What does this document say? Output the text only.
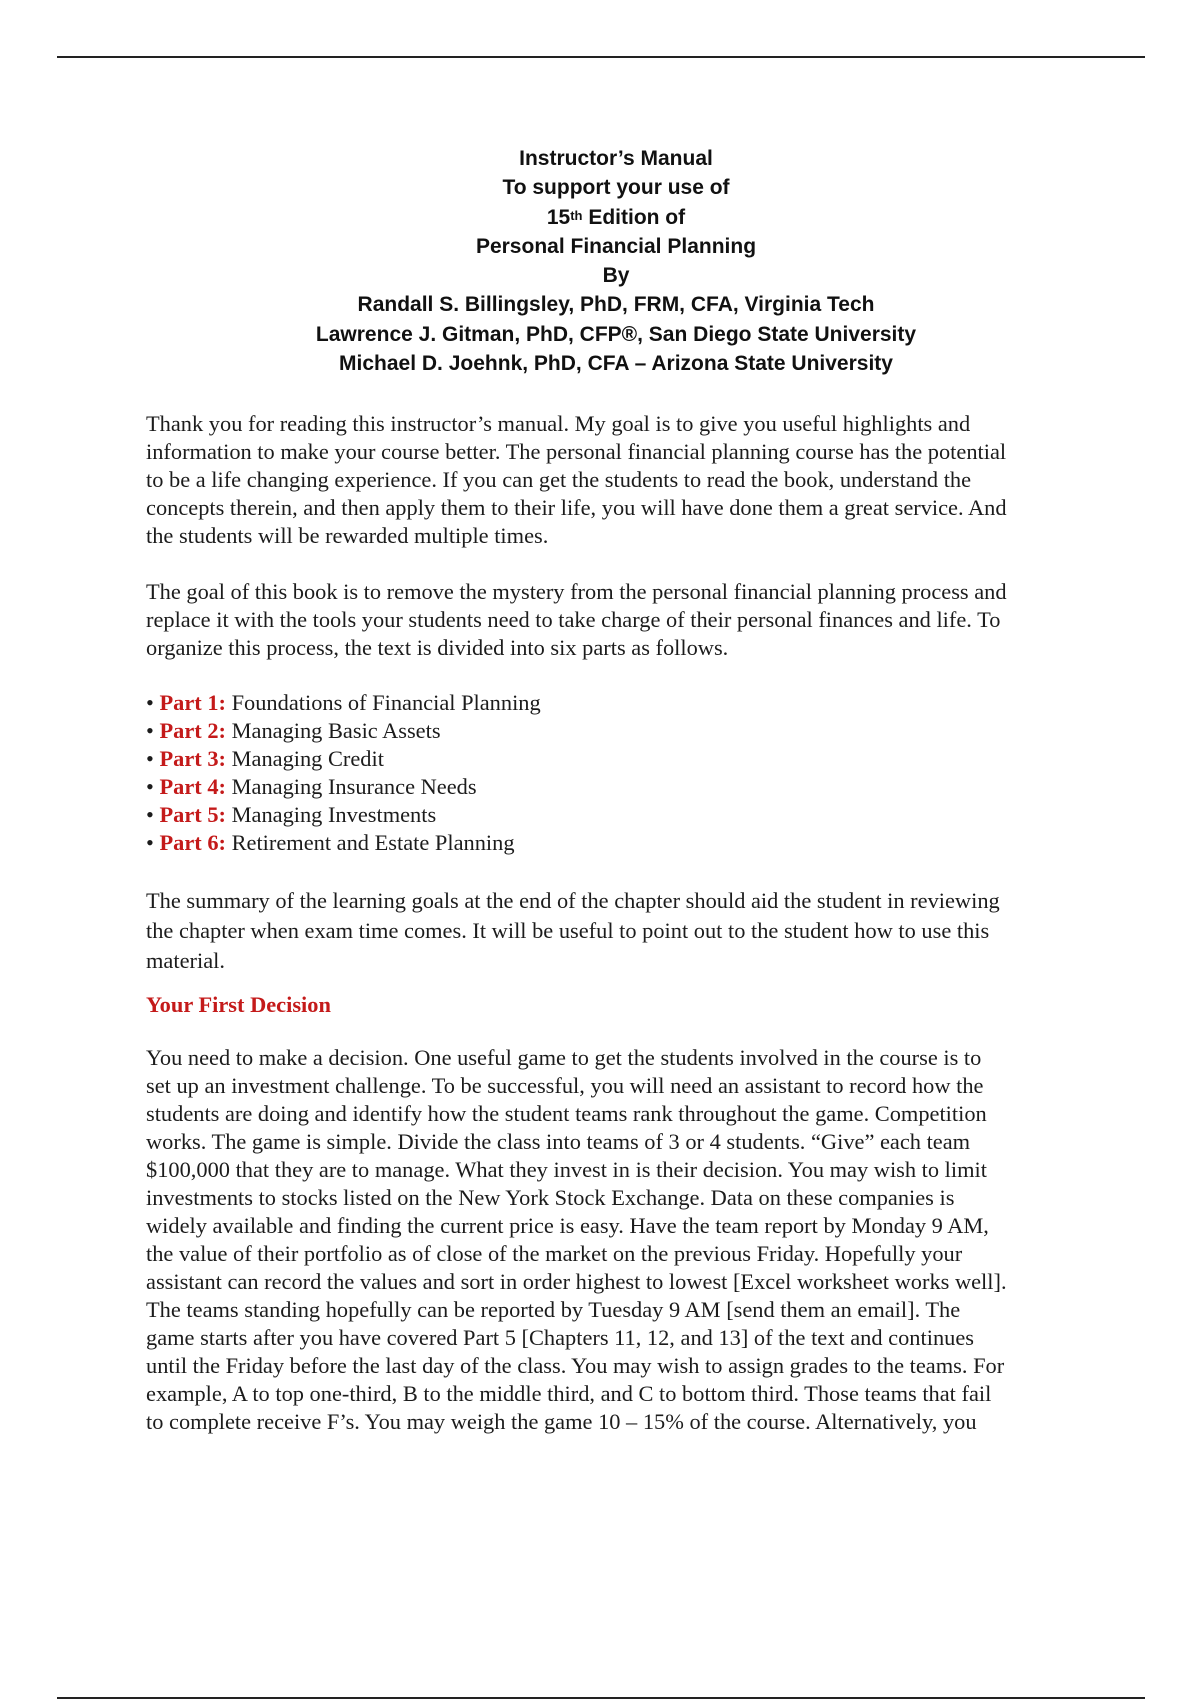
Instructor’s Manual
To support your use of
15th Edition of
Personal Financial Planning
By
Randall S. Billingsley, PhD, FRM, CFA, Virginia Tech
Lawrence J. Gitman, PhD, CFP®, San Diego State University
Michael D. Joehnk, PhD, CFA – Arizona State University

Thank you for reading this instructor’s manual. My goal is to give you useful highlights and
information to make your course better. The personal financial planning course has the potential
to be a life changing experience. If you can get the students to read the book, understand the
concepts therein, and then apply them to their life, you will have done them a great service. And
the students will be rewarded multiple times.

The goal of this book is to remove the mystery from the personal financial planning process and
replace it with the tools your students need to take charge of their personal finances and life. To
organize this process, the text is divided into six parts as follows.

• Part 1: Foundations of Financial Planning
• Part 2: Managing Basic Assets
• Part 3: Managing Credit
• Part 4: Managing Insurance Needs
• Part 5: Managing Investments
• Part 6: Retirement and Estate Planning

The summary of the learning goals at the end of the chapter should aid the student in reviewing
the chapter when exam time comes. It will be useful to point out to the student how to use this
material.

Your First Decision

You need to make a decision. One useful game to get the students involved in the course is to
set up an investment challenge. To be successful, you will need an assistant to record how the
students are doing and identify how the student teams rank throughout the game. Competition
works. The game is simple. Divide the class into teams of 3 or 4 students. “Give” each team
$100,000 that they are to manage. What they invest in is their decision. You may wish to limit
investments to stocks listed on the New York Stock Exchange. Data on these companies is
widely available and finding the current price is easy. Have the team report by Monday 9 AM,
the value of their portfolio as of close of the market on the previous Friday. Hopefully your
assistant can record the values and sort in order highest to lowest [Excel worksheet works well].
The teams standing hopefully can be reported by Tuesday 9 AM [send them an email]. The
game starts after you have covered Part 5 [Chapters 11, 12, and 13] of the text and continues
until the Friday before the last day of the class. You may wish to assign grades to the teams. For
example, A to top one-third, B to the middle third, and C to bottom third. Those teams that fail
to complete receive F’s. You may weigh the game 10 – 15% of the course. Alternatively, you
